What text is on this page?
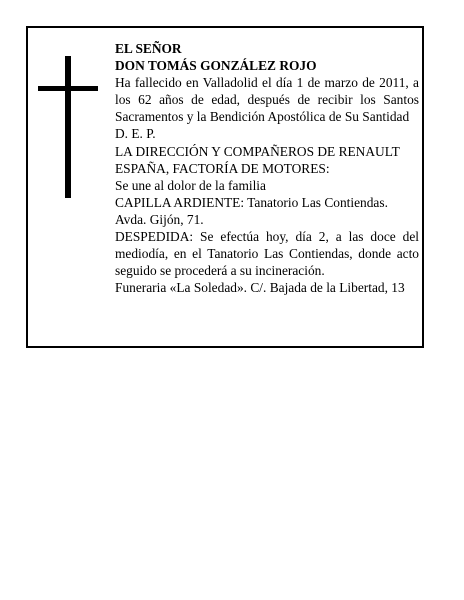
EL SEÑOR

DON TOMÁS GONZÁLEZ ROJO

Ha fallecido en Valladolid el día 1 de marzo de 2011, a los 62 años de edad, después de recibir los Santos Sacramentos y la Bendición Apostólica de Su Santidad

D. E. P.

LA DIRECCIÓN Y COMPAÑEROS DE RENAULT ESPAÑA, FACTORÍA DE MOTORES:

Se une al dolor de la familia

CAPILLA ARDIENTE: Tanatorio Las Contiendas. Avda. Gijón, 71.

DESPEDIDA: Se efectúa hoy, día 2, a las doce del mediodía, en el Tanatorio Las Contiendas, donde acto seguido se procederá a su incineración.

Funeraria «La Soledad». C/. Bajada de la Libertad, 13
